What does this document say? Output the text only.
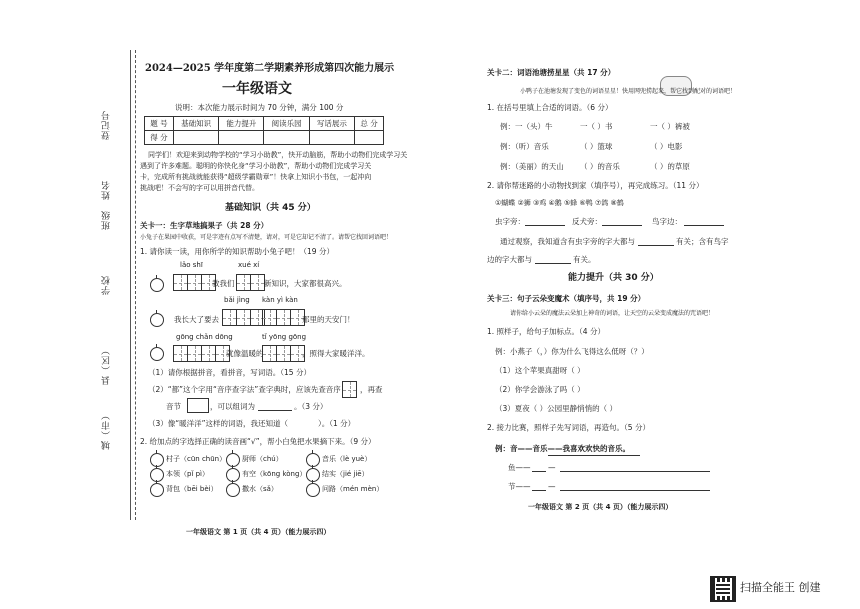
登记号
姓名
班级
学校
县（区）
城（市）
2024—2025 学年度第二学期素养形成第四次能力展示
一年级语文
说明：本次能力展示时间为 70 分钟，满分 100 分
题 号	基础知识	能力提升	阅读乐园	写话展示	总 分
得 分					
同学们！欢迎来到动物学校的“学习小助教”，快开动脑筋，帮助小动物们完成学习关
遇到了许多难题。聪明的你快化身“学习小助教”，帮助小动物们完成学习关
卡，完成所有挑战就能获得“超级学霸勋章”！快拿上知识小书包，一起冲向
挑战吧！不会写的字可以用拼音代替。
基础知识（共 45 分）
关卡一：生字草地搞果子（共 28 分）
小兔子在果园中收获，可是字迹有点写不清楚，请对，可是它却记不清了。请帮它找回词语吧！
1. 请你读一读，用你所学的知识帮助小兔子吧！（19 分）
lǎo shī	xué xí
教我们	新知识，大家都很高兴。
bǎi jìng kàn yì kàn
我长大了要去	那里的天安门！
gōng chǎn dōng	tǐ yōng gōng
就像温暖的	，照得大家暖洋洋。
（1）请你根据拼音，看拼音，写词语。（15 分）
（2）“都”这个字用“音序查字法”查字典时，应该先查音序	，再查
音节	，可以组词为	。（3 分）
（3）像“暖洋洋”这样的词语，我还知道（	）。（1 分）
2. 给加点的字选择正确的读音画“√”，帮小白兔把水果摘下来。（9 分）
村子（cūn chūn） 厨师（chú）	音乐（lè yuè）
本领（pǐ pì）	有空（kōng kòng） 结实（jié jiē）
背包（bēi bèi）	撒水（sǎ）	问路（mén mèn）
一年级语文 第 1 页（共 4 页）（能力展示四）
关卡二：词语池塘捞星星（共 17 分）
小鸭子在池塘发现了变色的词语星星！快用网兜捞起来，帮它找到配对的词语吧！
1. 在括号里填上合适的词语。（6 分）
例：一（头）牛	一（ ）书	一（ ）裤被
例：（听）音乐	（ ）篮球	（ ）电影
例：（美丽）的天山 （ ）的音乐	（ ）的草原
2. 请你帮迷路的小动物找到家（填序号），再完成练习。（11 分）
①蝴蝶 ②狮 ③鸡 ④鹅 ⑤蜂 ⑥鸭 ⑦鸽 ⑧鹤
虫字旁：	反犬旁：	鸟字边：
通过观察，我知道含有虫字旁的字大都与	有关；含有鸟字
边的字大都与	有关。
能力提升（共 30 分）
关卡三：句子云朵变魔术（填序号，共 19 分）
请你给小云朵的魔法云朵加上神奇的词语，让天空的云朵变成魔法的咒语吧！
1. 照样子，给句子加标点。（4 分）
例：小燕子（，）你为什么飞得这么低呀（？）
（1）这个苹果真甜呀（ ）
（2）你学会游泳了吗（ ）
（3）夏夜（ ）公园里静悄悄的（ ）
2. 接力比赛，照样子先写词语，再造句。（5 分）
例：音——音乐——我喜欢欢快的音乐。
鱼—— —
节—— —
一年级语文 第 2 页（共 4 页）（能力展示四）
扫描全能王 创建
